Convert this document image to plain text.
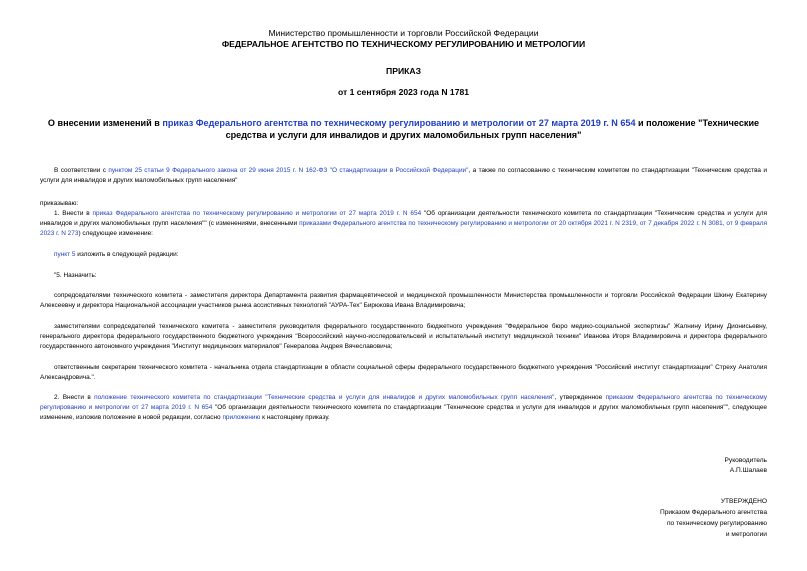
Министерство промышленности и торговли Российской Федерации
ФЕДЕРАЛЬНОЕ АГЕНТСТВО ПО ТЕХНИЧЕСКОМУ РЕГУЛИРОВАНИЮ И МЕТРОЛОГИИ
ПРИКАЗ
от 1 сентября 2023 года N 1781
О внесении изменений в приказ Федерального агентства по техническому регулированию и метрологии от 27 марта 2019 г. N 654 и положение "Технические средства и услуги для инвалидов и других маломобильных групп населения"
В соответствии с пунктом 25 статьи 9 Федерального закона от 29 июня 2015 г. N 162-ФЗ "О стандартизации в Российской Федерации", а также по согласованию с техническим комитетом по стандартизации "Технические средства и услуги для инвалидов и других маломобильных групп населения"
приказываю:
1. Внести в приказ Федерального агентства по техническому регулированию и метрологии от 27 марта 2019 г. N 654 "Об организации деятельности технического комитета по стандартизации "Технические средства и услуги для инвалидов и других маломобильных групп населения"" (с изменениями, внесенными приказами Федерального агентства по техническому регулированию и метрологии от 20 октября 2021 г. N 2319, от 7 декабря 2022 г. N 3081, от 9 февраля 2023 г. N 273) следующее изменение:
пункт 5 изложить в следующей редакции:
"5. Назначить:
сопредседателями технического комитета - заместителя директора Департамента развития фармацевтической и медицинской промышленности Министерства промышленности и торговли Российской Федерации Шкину Екатерину Алексеевну и директора Национальной ассоциации участников рынка ассистивных технологий "АУРА-Тех" Бирюкова Ивана Владимировича;
заместителями сопредседателей технического комитета - заместителя руководителя федерального государственного бюджетного учреждения "Федеральное бюро медико-социальной экспертизы" Жалнину Ирину Дионисьевну, генерального директора федерального государственного бюджетного учреждения "Всероссийский научно-исследовательский и испытательный институт медицинской техники" Иванова Игоря Владимировича и директора федерального государственного автономного учреждения "Институт медицинских материалов" Генералова Андрея Вячеславовича;
ответственным секретарем технического комитета - начальника отдела стандартизации в области социальной сферы федерального государственного бюджетного учреждения "Российский институт стандартизации" Стреху Анатолия Александровича.".
2. Внести в положение технического комитета по стандартизации "Технические средства и услуги для инвалидов и других маломобильных групп населения", утвержденное приказом Федерального агентства по техническому регулированию и метрологии от 27 марта 2019 г. N 654 "Об организации деятельности технического комитета по стандартизации "Технические средства и услуги для инвалидов и других маломобильных групп населения"", следующее изменение, изложив положение в новой редакции, согласно приложению к настоящему приказу.
Руководитель
А.П.Шалаев
УТВЕРЖДЕНО
Приказом Федерального агентства
по техническому регулированию
и метрологии
